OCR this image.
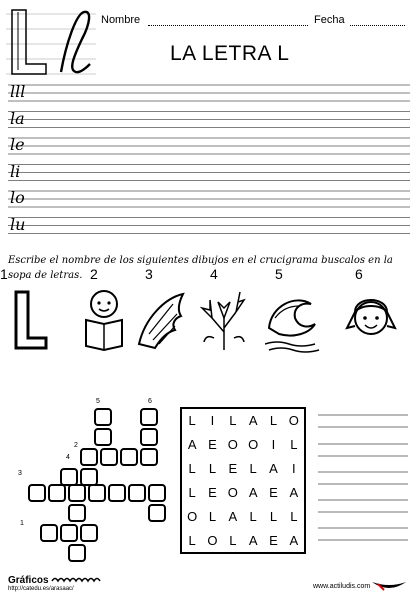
Nombre	Fecha
LA LETRA L
lll
la
le
li
lo
lu
Escribe el nombre de los siguientes dibujos en el crucigrama buscalos en la sopa de letras.
1	2	3	4	5	6
5	6
2
4
3
1
L	I	L A L O
A E O O	I	L
L	L E L A	I
L E O A E A
O L A L	L	L
L O L A E A
Gráficos
http://catedu.es/arasaac/	www.actiludis.com
